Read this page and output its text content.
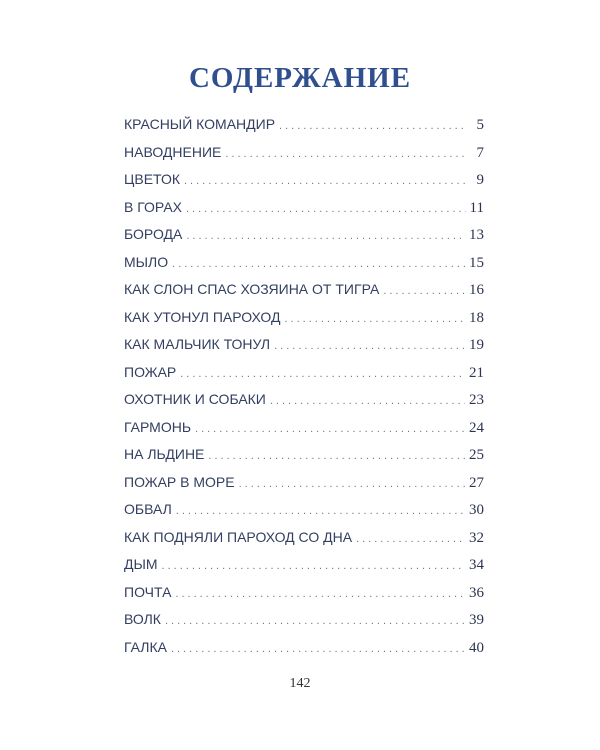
СОДЕРЖАНИЕ
КРАСНЫЙ КОМАНДИР .....	5
НАВОДНЕНИЕ .....	7
ЦВЕТОК .....	9
В ГОРАХ .....	11
БОРОДА .....	13
МЫЛО .....	15
КАК СЛОН СПАС ХОЗЯИНА ОТ ТИГРА .....	16
КАК УТОНУЛ ПАРОХОД .....	18
КАК МАЛЬЧИК ТОНУЛ .....	19
ПОЖАР .....	21
ОХОТНИК И СОБАКИ .....	23
ГАРМОНЬ .....	24
НА ЛЬДИНЕ .....	25
ПОЖАР В МОРЕ .....	27
ОБВАЛ .....	30
КАК ПОДНЯЛИ ПАРОХОД СО ДНА .....	32
ДЫМ .....	34
ПОЧТА .....	36
ВОЛК .....	39
ГАЛКА .....	40
142
